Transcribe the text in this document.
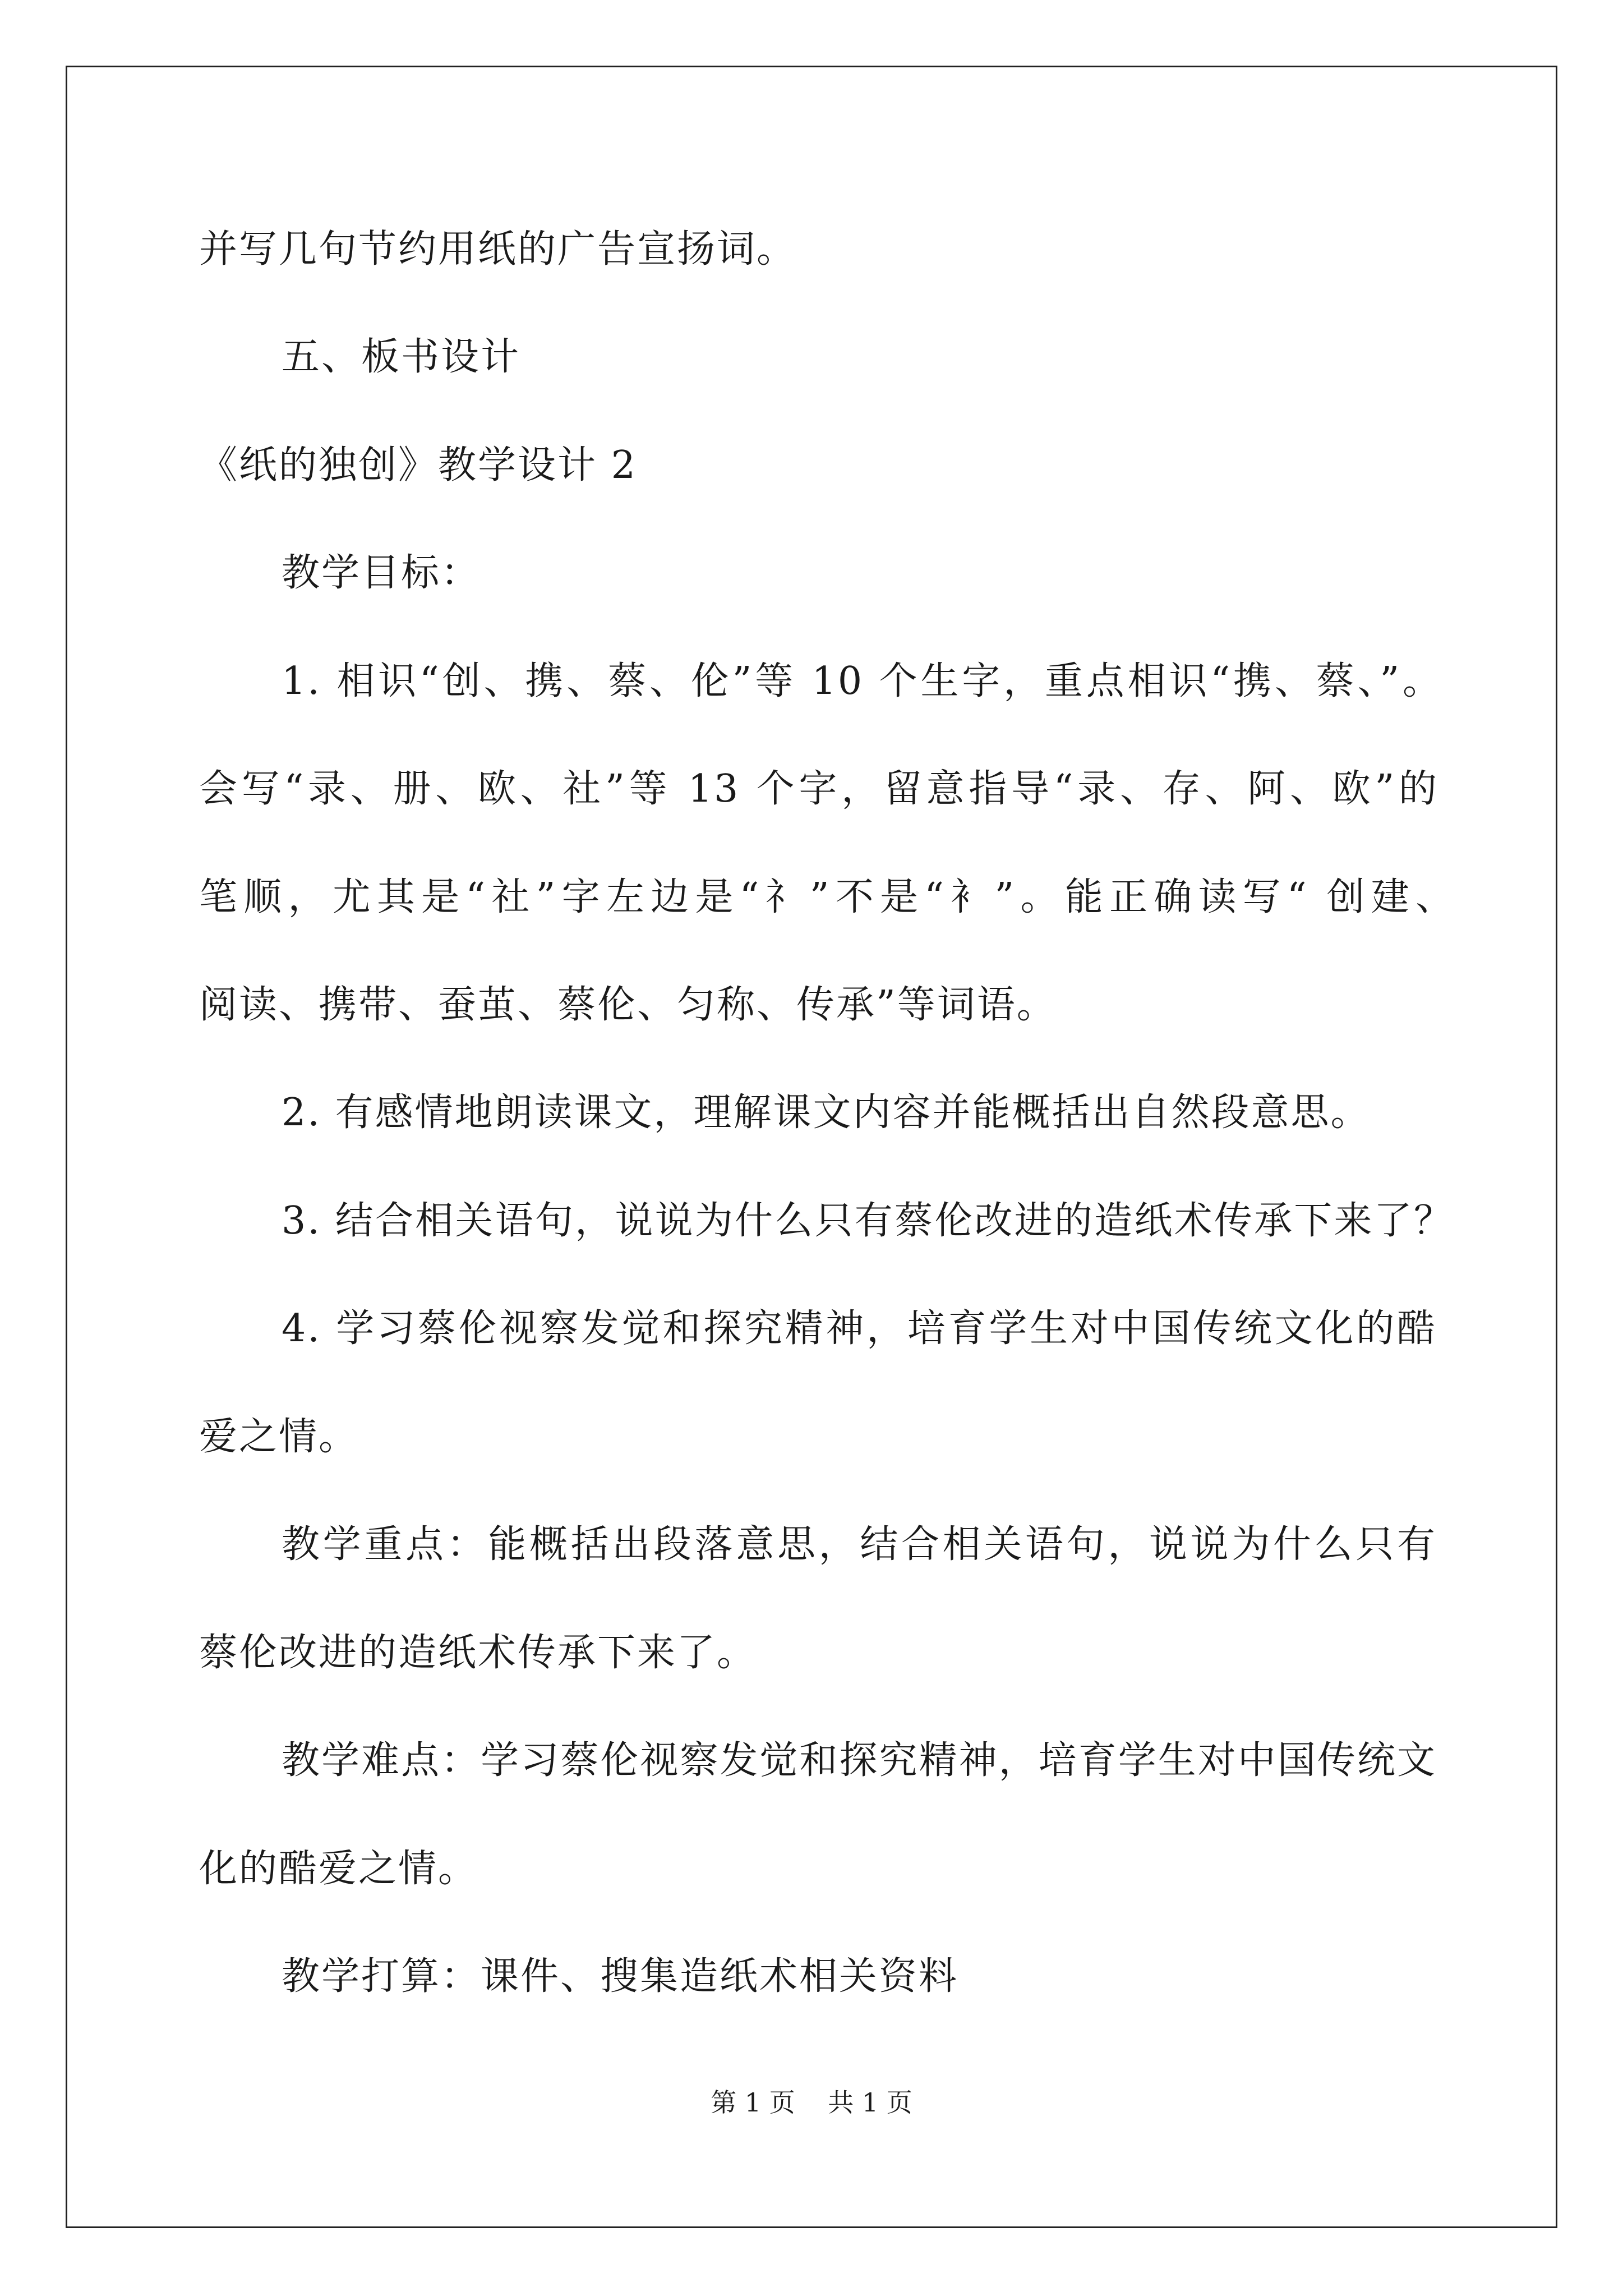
并写几句节约用纸的广告宣扬词。
五、板书设计
《纸的独创》教学设计 2
教学目标：
1. 相识“创、携、蔡、伦”等 10 个生字，重点相识“携、蔡、”。
会写“录、册、欧、社”等 13 个字，留意指导“录、存、阿、欧”的
笔顺，尤其是“社”字左边是“礻”不是“衤”。能正确读写“ 创建、
阅读、携带、蚕茧、蔡伦、匀称、传承”等词语。
2. 有感情地朗读课文，理解课文内容并能概括出自然段意思。
3. 结合相关语句，说说为什么只有蔡伦改进的造纸术传承下来了？
4. 学习蔡伦视察发觉和探究精神，培育学生对中国传统文化的酷
爱之情。
教学重点：能概括出段落意思，结合相关语句，说说为什么只有
蔡伦改进的造纸术传承下来了。
教学难点：学习蔡伦视察发觉和探究精神，培育学生对中国传统文
化的酷爱之情。
教学打算：课件、搜集造纸术相关资料
第 1 页    共 1 页
